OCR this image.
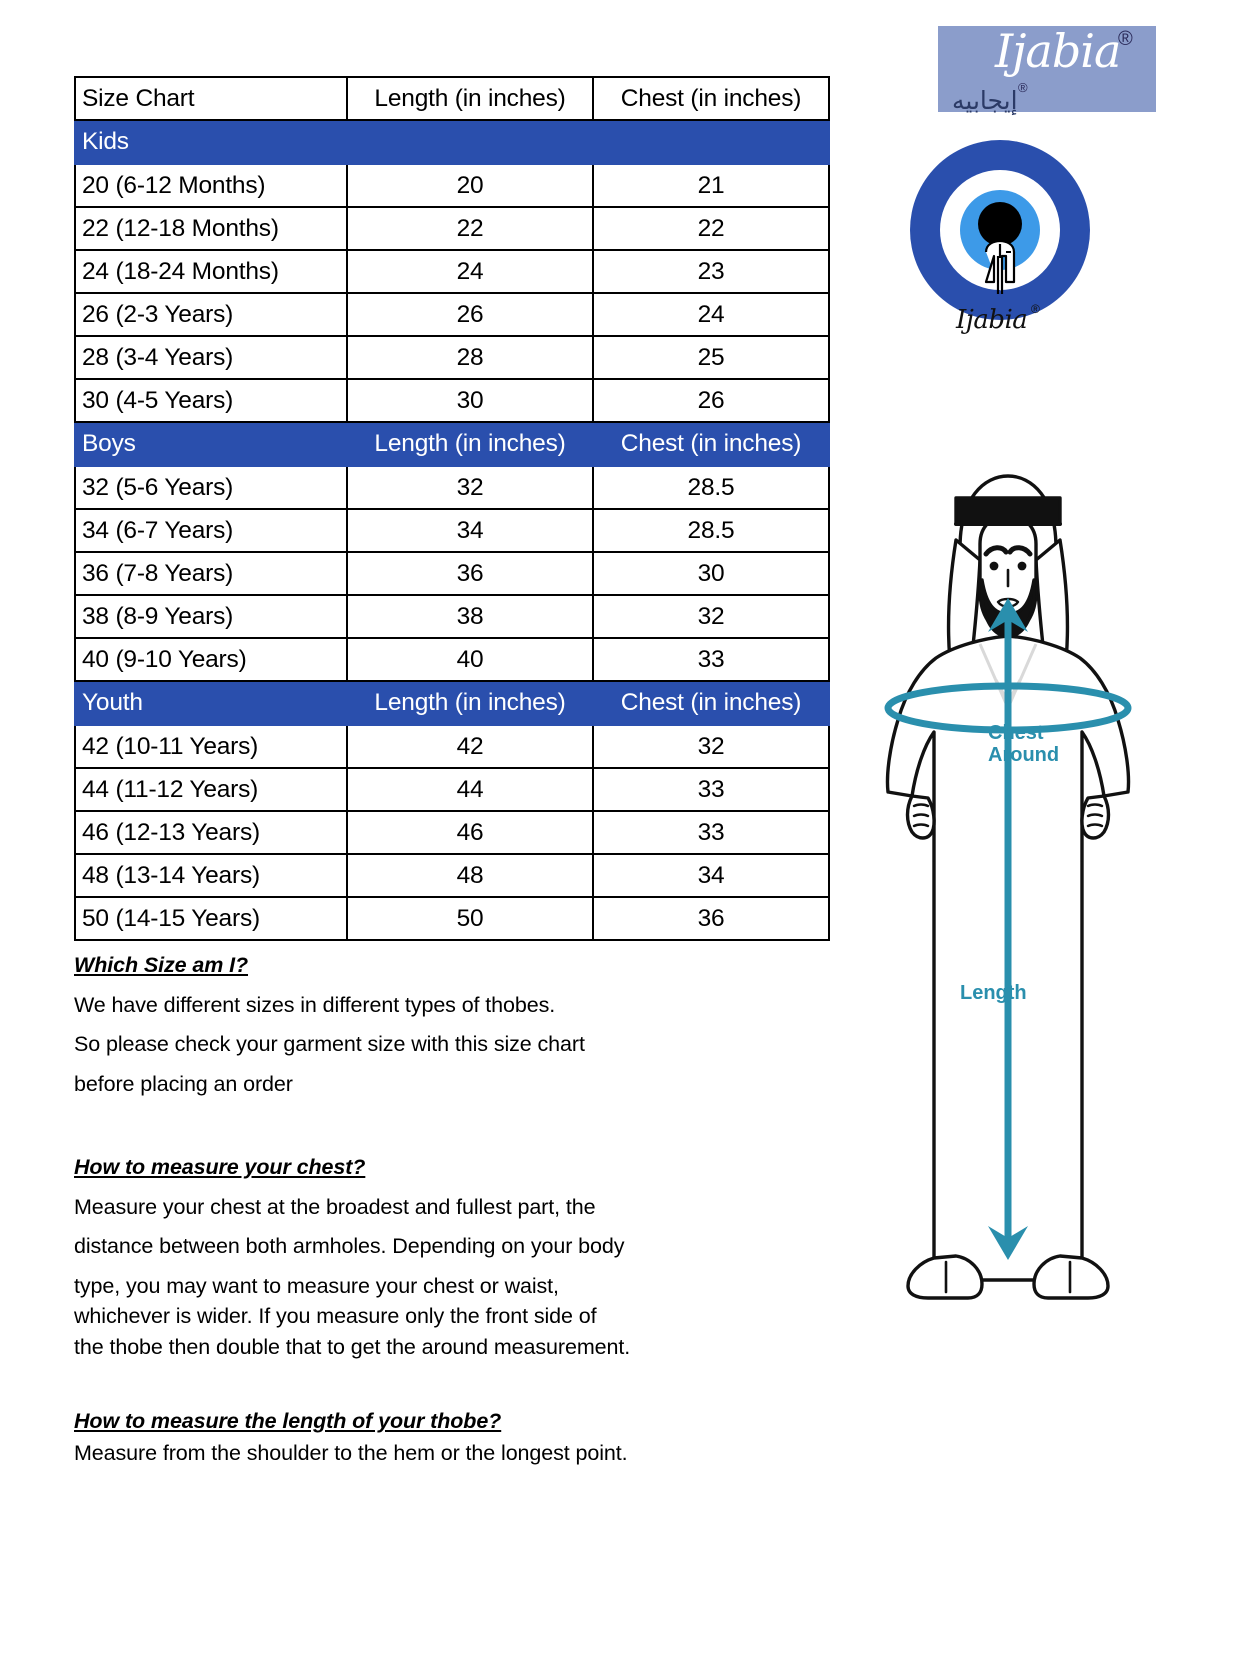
Size Chart	Length (in inches)	Chest (in inches)
Kids		
20 (6-12 Months)	20	21
22 (12-18 Months)	22	22
24 (18-24 Months)	24	23
26 (2-3 Years)	26	24
28 (3-4 Years)	28	25
30 (4-5 Years)	30	26
Boys	Length (in inches)	Chest (in inches)
32 (5-6 Years)	32	28.5
34 (6-7 Years)	34	28.5
36 (7-8 Years)	36	30
38 (8-9 Years)	38	32
40 (9-10 Years)	40	33
Youth	Length (in inches)	Chest (in inches)
42 (10-11 Years)	42	32
44 (11-12 Years)	44	33
46 (12-13 Years)	46	33
48 (13-14 Years)	48	34
50 (14-15 Years)	50	36
Which Size am I?
We have different sizes in different types of thobes.
So please check your garment size with this size chart
before placing an order
How to measure your chest?
Measure your chest at the broadest and fullest part, the
distance between both armholes. Depending on your body
type, you may want to measure your chest or waist,
whichever is wider. If you measure only the front side of
the thobe then double that to get the around measurement.
How to measure the length of your thobe?
Measure from the shoulder to the hem or the longest point.
Ijabia
®
إيجابيه ®
Ijabia ®
Chest
Around
Length
